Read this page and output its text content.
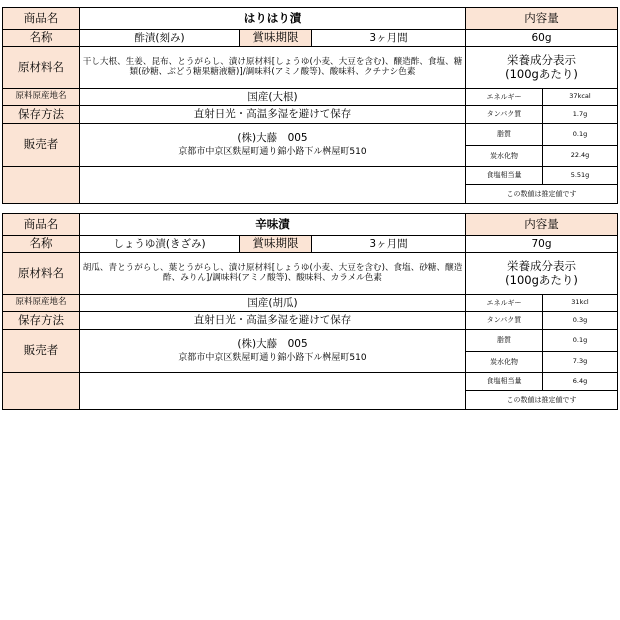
商品名	はりはり漬			内容量	
名称	酢漬(刻み)	賞味期限	3ヶ月間	60g	
原材料名	干し大根、生姜、昆布、とうがらし、漬け原材料[しょうゆ(小麦、大豆を含む)、醸造酢、食塩、糖類(砂糖、ぶどう糖果糖液糖)]/調味料(アミノ酸等)、酸味料、クチナシ色素			栄養成分表示
(100gあたり)	

原料原産地名	国産(大根)			エネルギー	37kcal
保存方法	直射日光・高温多湿を避けて保存			タンパク質	1.7g
販売者	(株)大藤　005
京都市中京区麩屋町通り錦小路下ル桝屋町510			脂質	0.1g
				炭水化物	22.4g
				食塩相当量	5.51g
				この数値は推定値です	
商品名	辛味漬			内容量	
名称	しょうゆ漬(きざみ)	賞味期限	3ヶ月間	70g	
原材料名	胡瓜、青とうがらし、葉とうがらし、漬け原材料[しょうゆ(小麦、大豆を含む)、食塩、砂糖、醸造酢、みりん]/調味料(アミノ酸等)、酸味料、カラメル色素			栄養成分表示
(100gあたり)	

原料原産地名	国産(胡瓜)			エネルギー	31kcl
保存方法	直射日光・高温多湿を避けて保存			タンパク質	0.3g
販売者	(株)大藤　005
京都市中京区麩屋町通り錦小路下ル桝屋町510			脂質	0.1g
				炭水化物	7.3g
				食塩相当量	6.4g
				この数値は推定値です	
